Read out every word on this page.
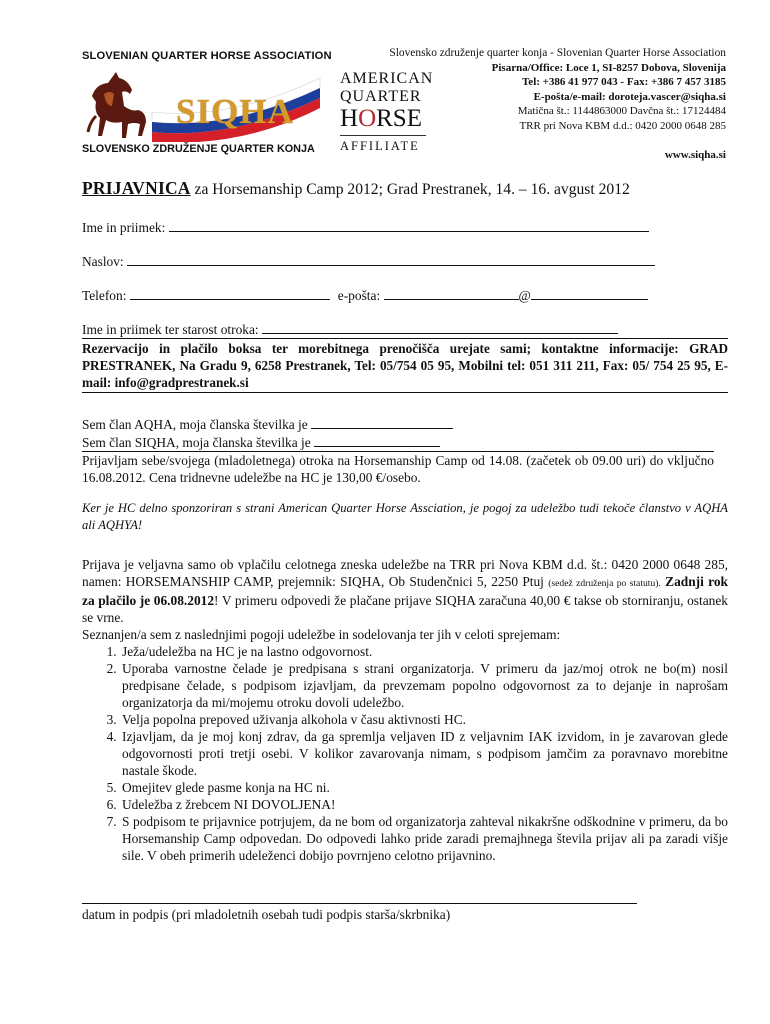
SLOVENIAN QUARTER HORSE ASSOCIATION
SIQHA
SLOVENSKO ZDRUŽENJE QUARTER KONJA
AMERICAN
QUARTER
HORSE
AFFILIATE
Slovensko združenje quarter konja - Slovenian Quarter Horse Association
Pisarna/Office: Loce 1, SI-8257 Dobova, Slovenija
Tel: +386 41 977 043 - Fax: +386 7 457 3185
E-pošta/e-mail: doroteja.vascer@siqha.si
Matična št.: 1144863000 Davčna št.: 17124484
TRR pri Nova KBM d.d.: 0420 2000 0648 285
www.siqha.si
PRIJAVNICA za Horsemanship Camp 2012; Grad Prestranek, 14. – 16. avgust 2012
Ime in priimek:

Naslov:

Telefon:
	e-pošta:
	@
Ime in priimek ter starost otroka:

Rezervacijo in plačilo boksa ter morebitnega prenočišča urejate sami; kontaktne informacije: GRAD PRESTRANEK, Na Gradu 9, 6258 Prestranek, Tel: 05/754 05 95, Mobilni tel: 051 311 211, Fax: 05/ 754 25 95, E-mail: info@gradprestranek.si
Sem član AQHA, moja članska številka je

Sem član SIQHA, moja članska številka je

Prijavljam sebe/svojega (mladoletnega) otroka na Horsemanship Camp od 14.08. (začetek ob 09.00 uri) do vključno 16.08.2012. Cena tridnevne udeležbe na HC je 130,00 €/osebo.
Ker je HC delno sponzoriran s strani American Quarter Horse Assciation, je pogoj za udeležbo tudi tekoče članstvo v AQHA ali AQHYA!
Prijava je veljavna samo ob vplačilu celotnega zneska udeležbe na TRR pri Nova KBM d.d. št.: 0420 2000 0648 285, namen: HORSEMANSHIP CAMP, prejemnik: SIQHA, Ob Studenčnici 5, 2250 Ptuj (sedež združenja po statutu). Zadnji rok za plačilo je 06.08.2012! V primeru odpovedi že plačane prijave SIQHA zaračuna 40,00 € takse ob storniranju, ostanek se vrne.
Seznanjen/a sem z naslednjimi pogoji udeležbe in sodelovanja ter jih v celoti sprejemam:
1. Ježa/udeležba na HC je na lastno odgovornost.
2. Uporaba varnostne čelade je predpisana s strani organizatorja. V primeru da jaz/moj otrok ne bo(m) nosil predpisane čelade, s podpisom izjavljam, da prevzemam popolno odgovornost za to dejanje in naprošam organizatorja da mi/mojemu otroku dovoli udeležbo.
3. Velja popolna prepoved uživanja alkohola v času aktivnosti HC.
4. Izjavljam, da je moj konj zdrav, da ga spremlja veljaven ID z veljavnim IAK izvidom, in je zavarovan glede odgovornosti proti tretji osebi. V kolikor zavarovanja nimam, s podpisom jamčim za poravnavo morebitne nastale škode.
5. Omejitev glede pasme konja na HC ni.
6. Udeležba z žrebcem NI DOVOLJENA!
7. S podpisom te prijavnice potrjujem, da ne bom od organizatorja zahteval nikakršne odškodnine v primeru, da bo Horsemanship Camp odpovedan. Do odpovedi lahko pride zaradi premajhnega števila prijav ali pa zaradi višje sile. V obeh primerih udeleženci dobijo povrnjeno celotno prijavnino.
datum in podpis (pri mladoletnih osebah tudi podpis starša/skrbnika)
